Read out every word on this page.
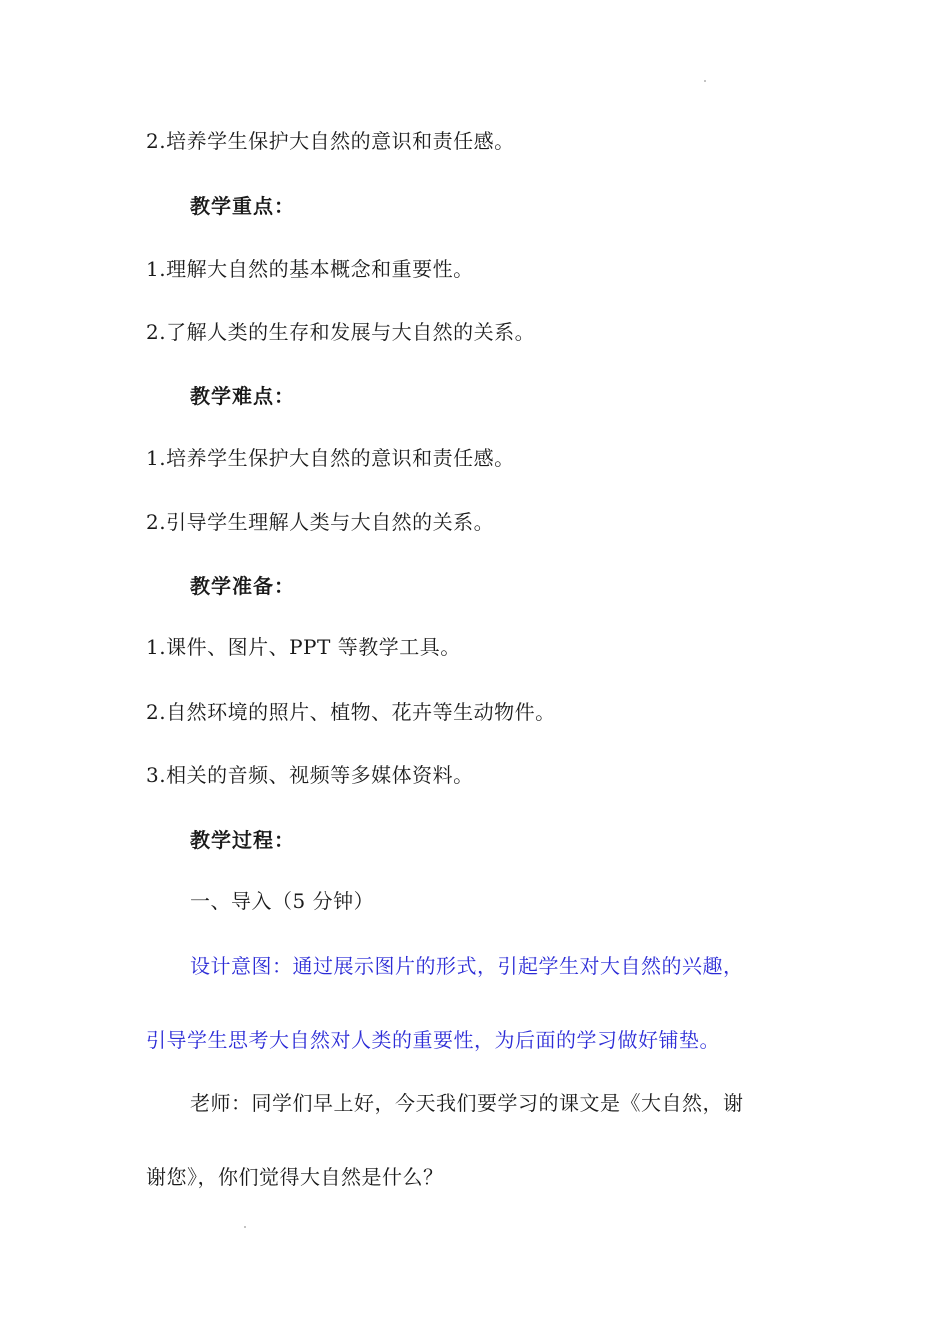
2.培养学生保护大自然的意识和责任感。
教学重点：
1.理解大自然的基本概念和重要性。
2.了解人类的生存和发展与大自然的关系。
教学难点：
1.培养学生保护大自然的意识和责任感。
2.引导学生理解人类与大自然的关系。
教学准备：
1.课件、图片、PPT 等教学工具。
2.自然环境的照片、植物、花卉等生动物件。
3.相关的音频、视频等多媒体资料。
教学过程：
一、导入（5 分钟）
设计意图：通过展示图片的形式，引起学生对大自然的兴趣，
引导学生思考大自然对人类的重要性，为后面的学习做好铺垫。
老师：同学们早上好，今天我们要学习的课文是《大自然，谢
谢您》，你们觉得大自然是什么？
